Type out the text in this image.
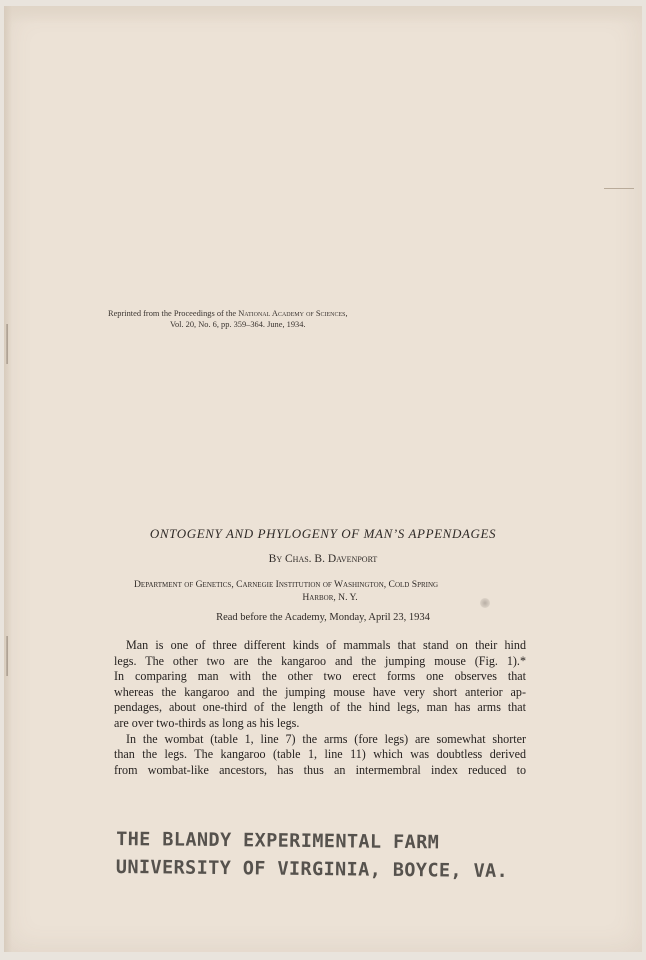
Reprinted from the Proceedings of the National Academy of Sciences,
Vol. 20, No. 6, pp. 359–364. June, 1934.
ONTOGENY AND PHYLOGENY OF MAN’S APPENDAGES
By Chas. B. Davenport
Department of Genetics, Carnegie Institution of Washington, Cold Spring
Harbor, N. Y.
Read before the Academy, Monday, April 23, 1934

Man is one of three different kinds of mammals that stand on their hind
legs. The other two are the kangaroo and the jumping mouse (Fig. 1).*
In comparing man with the other two erect forms one observes that
whereas the kangaroo and the jumping mouse have very short anterior ap-
pendages, about one-third of the length of the hind legs, man has arms that
are over two-thirds as long as his legs.

In the wombat (table 1, line 7) the arms (fore legs) are somewhat shorter
than the legs. The kangaroo (table 1, line 11) which was doubtless derived
from wombat-like ancestors, has thus an intermembral index reduced to

THE BLANDY EXPERIMENTAL FARM
UNIVERSITY OF VIRGINIA, BOYCE, VA.
